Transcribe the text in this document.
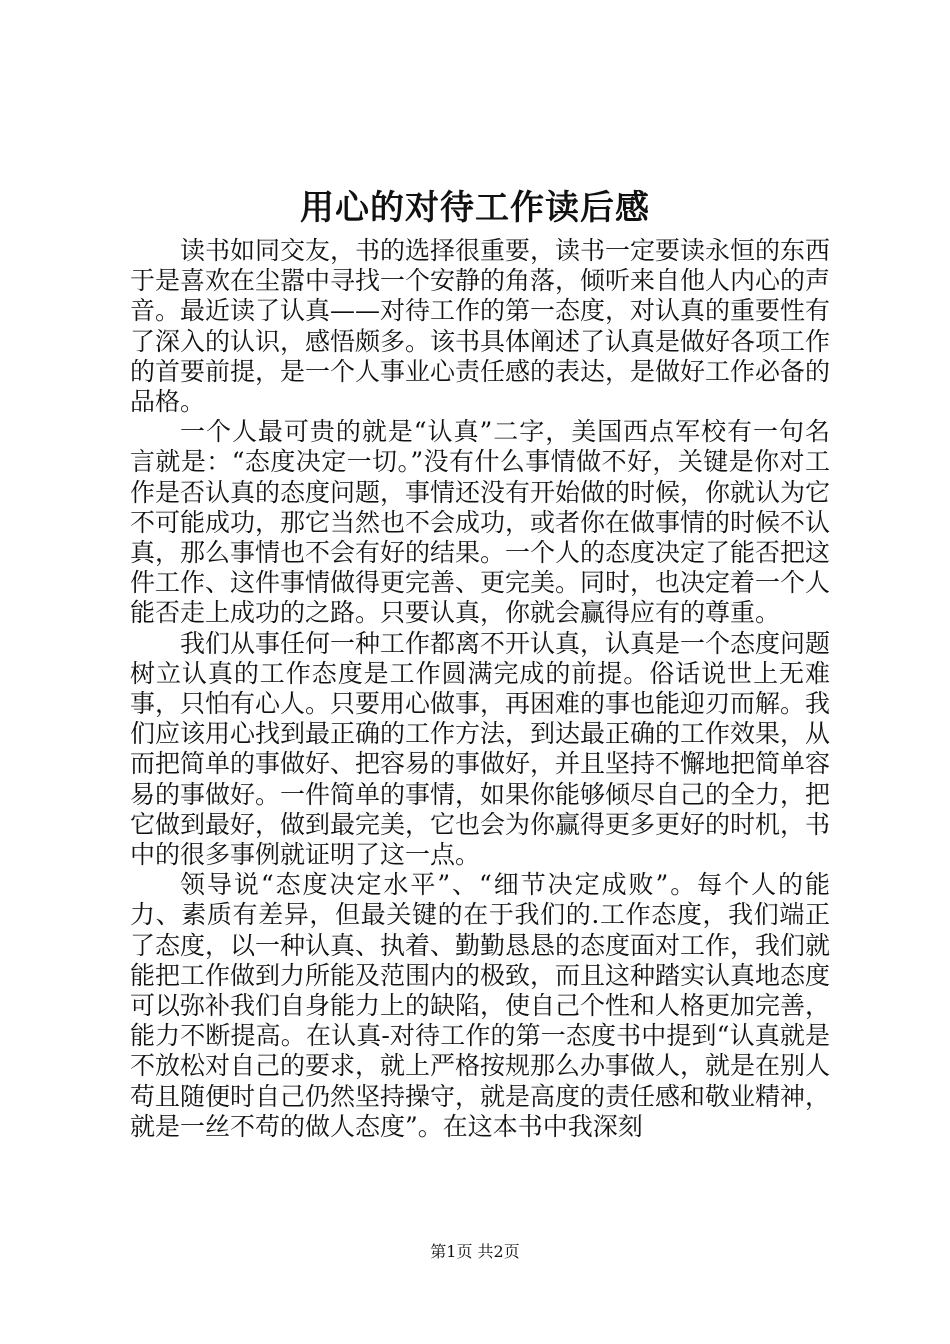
用心的对待工作读后感

读书如同交友，书的选择很重要，读书一定要读永恒的东西于是喜欢在尘嚣中寻找一个安静的角落，倾听来自他人内心的声音。最近读了认真——对待工作的第一态度，对认真的重要性有了深入的认识，感悟颇多。该书具体阐述了认真是做好各项工作的首要前提，是一个人事业心责任感的表达，是做好工作必备的品格。

一个人最可贵的就是“认真”二字，美国西点军校有一句名言就是：“态度决定一切。”没有什么事情做不好，关键是你对工作是否认真的态度问题，事情还没有开始做的时候，你就认为它不可能成功，那它当然也不会成功，或者你在做事情的时候不认真，那么事情也不会有好的结果。一个人的态度决定了能否把这件工作、这件事情做得更完善、更完美。同时，也决定着一个人能否走上成功的之路。只要认真，你就会赢得应有的尊重。

我们从事任何一种工作都离不开认真，认真是一个态度问题树立认真的工作态度是工作圆满完成的前提。俗话说世上无难事，只怕有心人。只要用心做事，再困难的事也能迎刃而解。我们应该用心找到最正确的工作方法，到达最正确的工作效果，从而把简单的事做好、把容易的事做好，并且坚持不懈地把简单容易的事做好。一件简单的事情，如果你能够倾尽自己的全力，把它做到最好，做到最完美，它也会为你赢得更多更好的时机，书中的很多事例就证明了这一点。

领导说“态度决定水平”、“细节决定成败”。每个人的能力、素质有差异，但最关键的在于我们的.工作态度，我们端正了态度，以一种认真、执着、勤勤恳恳的态度面对工作，我们就能把工作做到力所能及范围内的极致，而且这种踏实认真地态度可以弥补我们自身能力上的缺陷，使自己个性和人格更加完善，能力不断提高。在认真-对待工作的第一态度书中提到“认真就是不放松对自己的要求，就上严格按规那么办事做人，就是在别人苟且随便时自己仍然坚持操守，就是高度的责任感和敬业精神，就是一丝不苟的做人态度”。在这本书中我深刻

第1页 共2页
